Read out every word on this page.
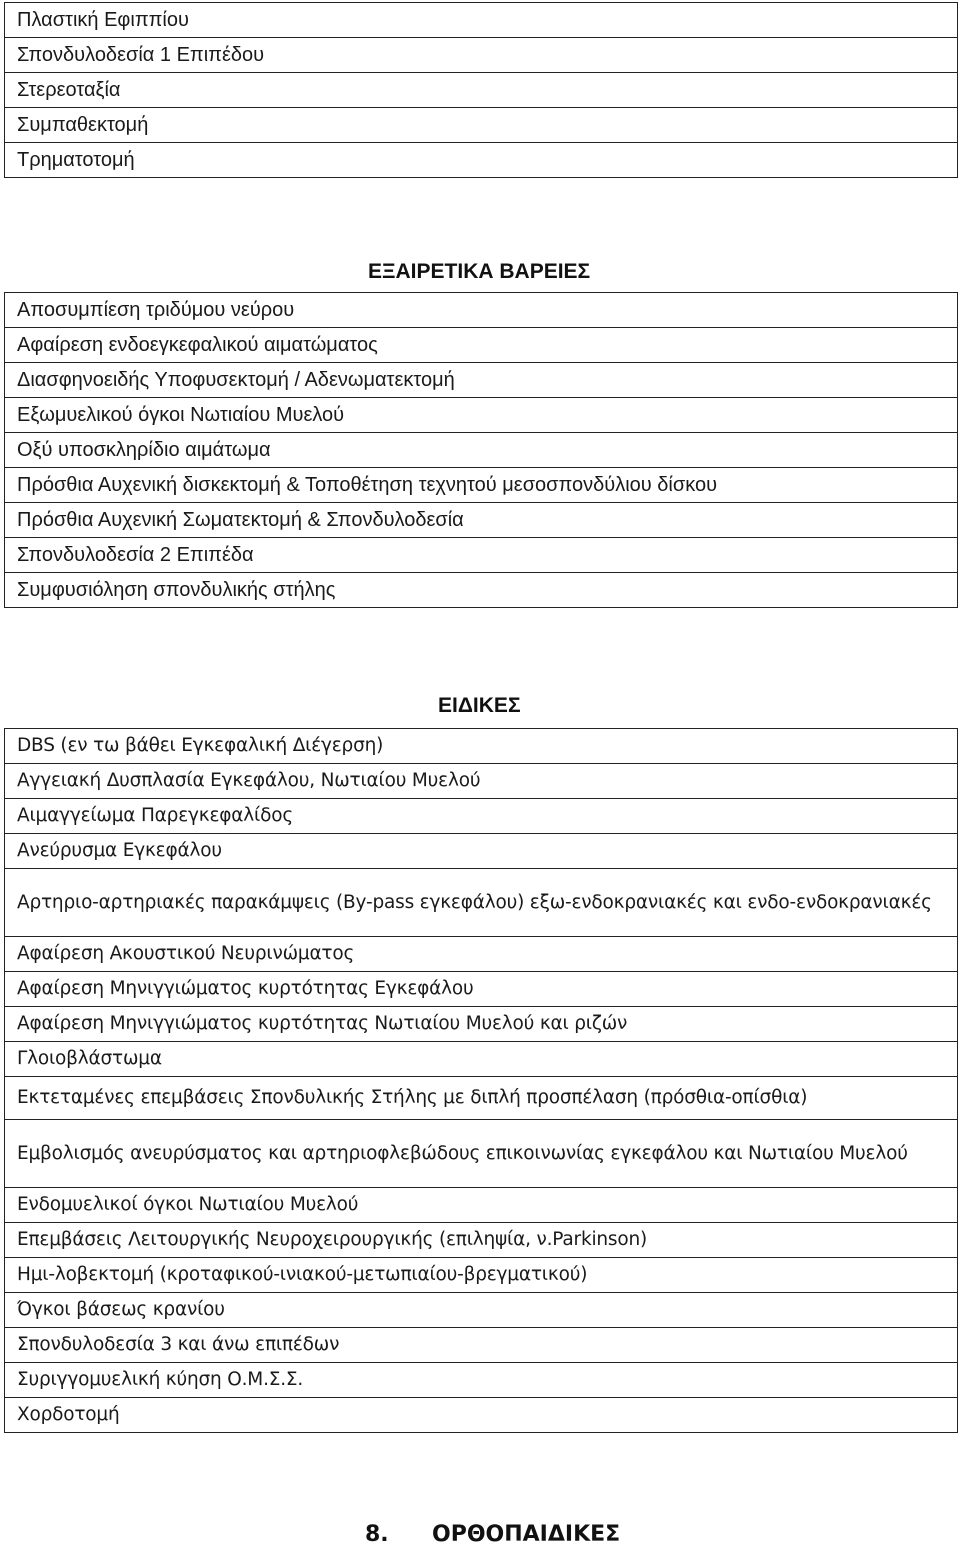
Πλαστική Εφιππίου
Σπονδυλοδεσία 1 Επιπέδου
Στερεοταξία
Συμπαθεκτομή
Τρηματοτομή
ΕΞΑΙΡΕΤΙΚΑ ΒΑΡΕΙΕΣ
Αποσυμπίεση τριδύμου νεύρου
Αφαίρεση ενδοεγκεφαλικού αιματώματος
Διασφηνοειδής Υποφυσεκτομή / Αδενωματεκτομή
Εξωμυελικού όγκοι Νωτιαίου Μυελού
Οξύ υποσκληρίδιο αιμάτωμα
Πρόσθια Αυχενική δισκεκτομή & Τοποθέτηση τεχνητού μεσοσπονδύλιου δίσκου
Πρόσθια Αυχενική Σωματεκτομή & Σπονδυλοδεσία
Σπονδυλοδεσία 2 Επιπέδα
Συμφυσιόληση σπονδυλικής στήλης
ΕΙΔΙΚΕΣ
DBS (εν τω βάθει Εγκεφαλική Διέγερση)
Αγγειακή Δυσπλασία Εγκεφάλου, Νωτιαίου Μυελού
Αιμαγγείωμα Παρεγκεφαλίδος
Ανεύρυσμα Εγκεφάλου
Αρτηριο-αρτηριακές παρακάμψεις (By-pass εγκεφάλου) εξω-ενδοκρανιακές και ενδο-ενδοκρανιακές
Αφαίρεση Ακουστικού Νευρινώματος
Αφαίρεση Μηνιγγιώματος κυρτότητας Εγκεφάλου
Αφαίρεση Μηνιγγιώματος κυρτότητας Νωτιαίου Μυελού και ριζών
Γλοιοβλάστωμα
Εκτεταμένες επεμβάσεις Σπονδυλικής Στήλης με διπλή προσπέλαση (πρόσθια-οπίσθια)
Εμβολισμός ανευρύσματος και αρτηριοφλεβώδους επικοινωνίας εγκεφάλου και Νωτιαίου Μυελού
Ενδομυελικοί όγκοι Νωτιαίου Μυελού
Επεμβάσεις Λειτουργικής Νευροχειρουργικής (επιληψία, ν.Parkinson)
Ημι-λοβεκτομή (κροταφικού-ινιακού-μετωπιαίου-βρεγματικού)
Όγκοι βάσεως κρανίου
Σπονδυλοδεσία 3 και άνω επιπέδων
Συριγγομυελική κύηση Ο.Μ.Σ.Σ.
Χορδοτομή
8. ΟΡΘΟΠΑΙΔΙΚΕΣ
